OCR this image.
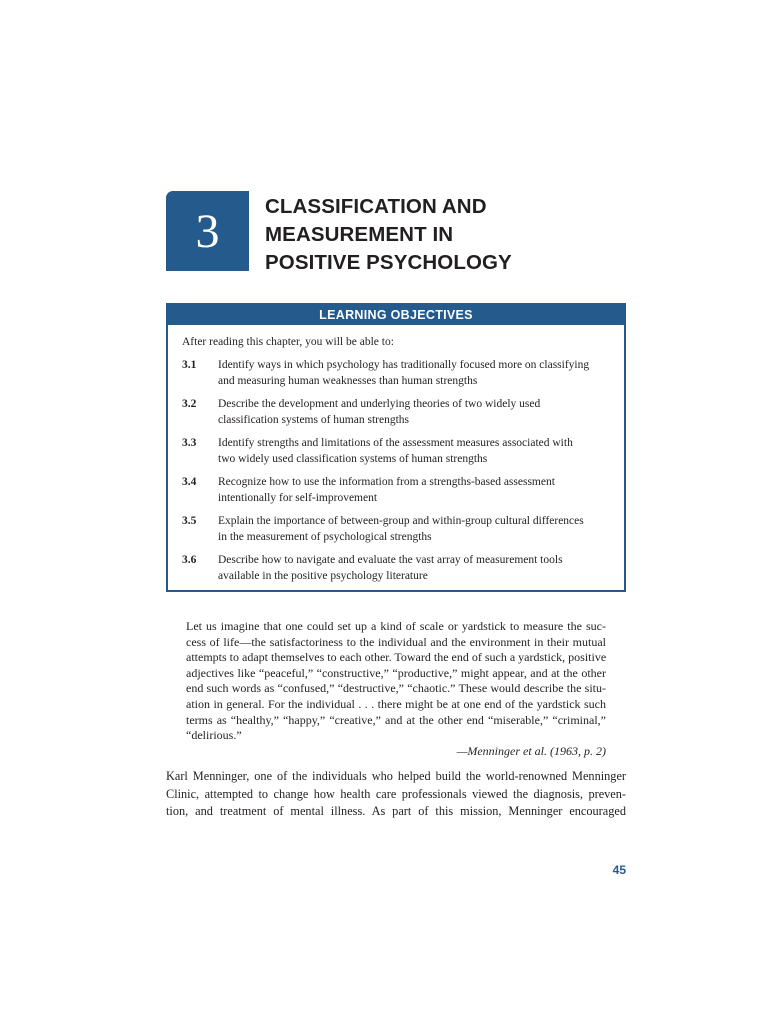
3 CLASSIFICATION AND
MEASUREMENT IN
POSITIVE PSYCHOLOGY
LEARNING OBJECTIVES
After reading this chapter, you will be able to:
3.1 Identify ways in which psychology has traditionally focused more on classifying
and measuring human weaknesses than human strengths
3.2 Describe the development and underlying theories of two widely used
classification systems of human strengths
3.3 Identify strengths and limitations of the assessment measures associated with
two widely used classification systems of human strengths
3.4 Recognize how to use the information from a strengths-based assessment
intentionally for self-improvement
3.5 Explain the importance of between-group and within-group cultural differences
in the measurement of psychological strengths
3.6 Describe how to navigate and evaluate the vast array of measurement tools
available in the positive psychology literature
Let us imagine that one could set up a kind of scale or yardstick to measure the suc-
cess of life—the satisfactoriness to the individual and the environment in their mutual
attempts to adapt themselves to each other. Toward the end of such a yardstick, positive
adjectives like “peaceful,” “constructive,” “productive,” might appear, and at the other
end such words as “confused,” “destructive,” “chaotic.” These would describe the situ-
ation in general. For the individual . . . there might be at one end of the yardstick such
terms as “healthy,” “happy,” “creative,” and at the other end “miserable,” “criminal,”
“delirious.”
—Menninger et al. (1963, p. 2)
Karl Menninger, one of the individuals who helped build the world-renowned Menninger
Clinic, attempted to change how health care professionals viewed the diagnosis, preven-
tion, and treatment of mental illness. As part of this mission, Menninger encouraged
45
